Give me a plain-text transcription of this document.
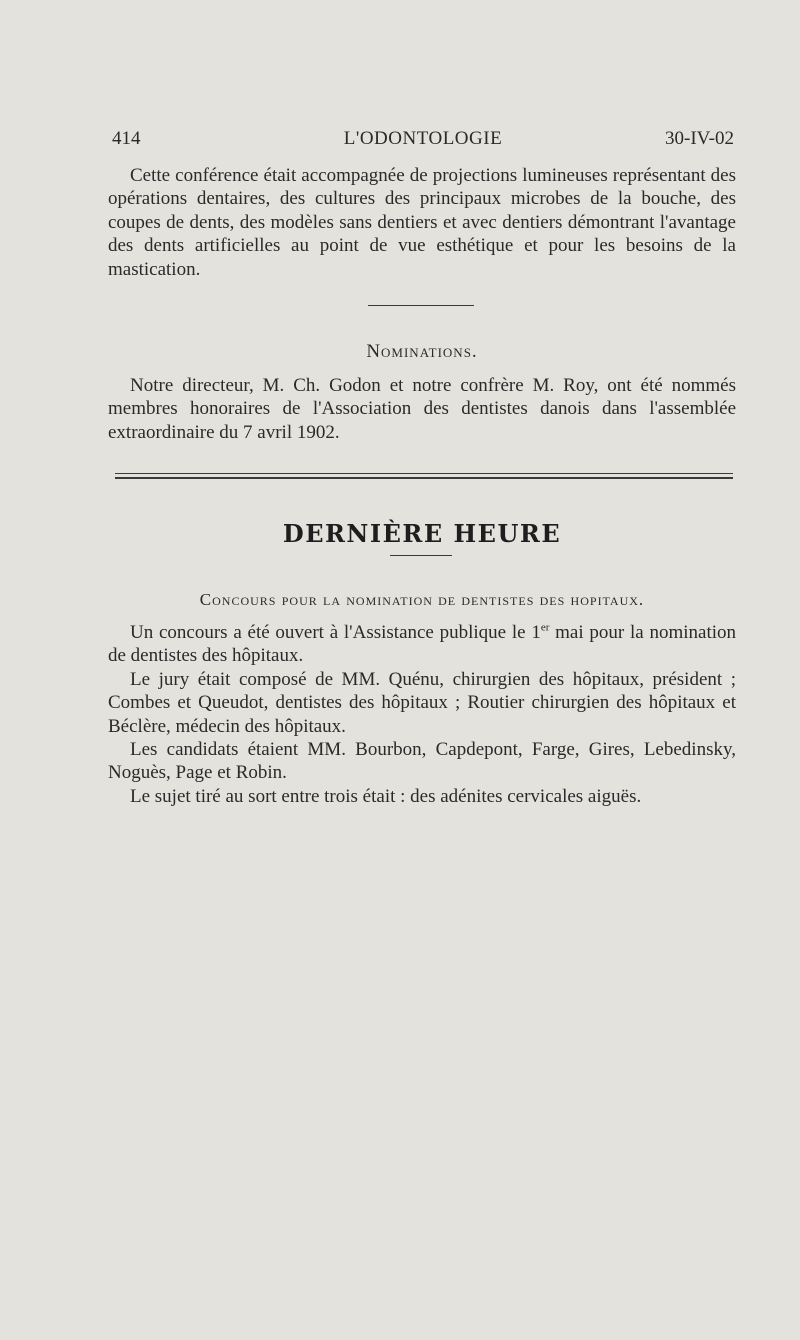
414	L'ODONTOLOGIE	30-IV-02

Cette conférence était accompagnée de projections lumineuses représentant des opérations dentaires, des cultures des principaux microbes de la bouche, des coupes de dents, des modèles sans dentiers et avec dentiers démontrant l'avantage des dents artificielles au point de vue esthétique et pour les besoins de la mastication.

Nominations.

Notre directeur, M. Ch. Godon et notre confrère M. Roy, ont été nommés membres honoraires de l'Association des dentistes danois dans l'assemblée extraordinaire du 7 avril 1902.

DERNIÈRE HEURE
Concours pour la nomination de dentistes des hopitaux.

Un concours a été ouvert à l'Assistance publique le 1er mai pour la nomination de dentistes des hôpitaux.

Le jury était composé de MM. Quénu, chirurgien des hôpitaux, président ; Combes et Queudot, dentistes des hôpitaux ; Routier chirurgien des hôpitaux et Béclère, médecin des hôpitaux.

Les candidats étaient MM. Bourbon, Capdepont, Farge, Gires, Lebedinsky, Noguès, Page et Robin.

Le sujet tiré au sort entre trois était : des adénites cervicales aiguës.
